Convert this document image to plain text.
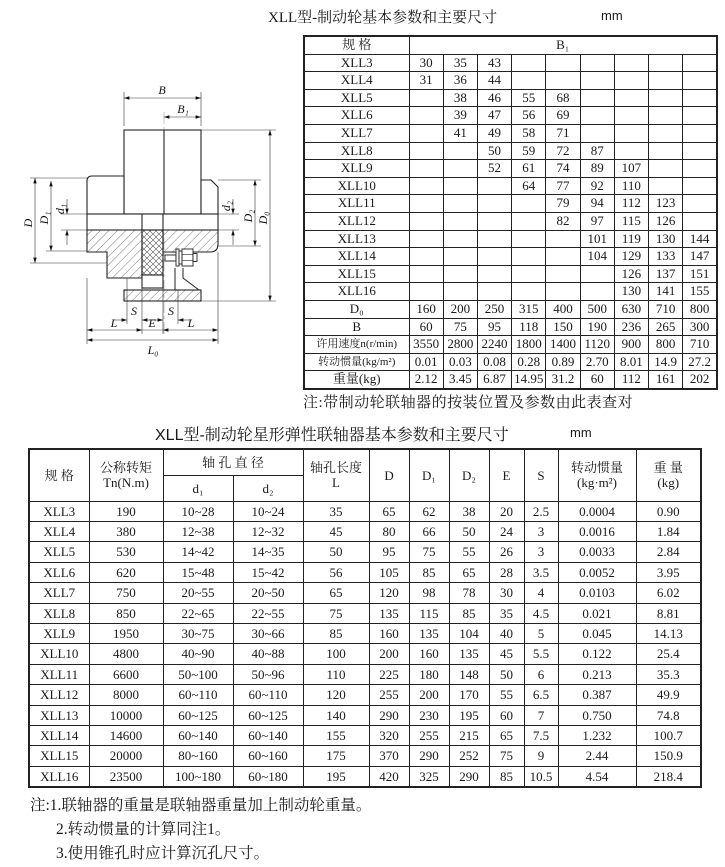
XLL型-制动轮基本参数和主要尺寸	mm
B
B₁
D D₁
d₁	d₂
D₂ D₀
S	S
L	E	L
L₀
规 格	B₁								
XLL3	30	35	43						
XLL4	31	36	44						
XLL5		38	46	55	68				
XLL6		39	47	56	69				
XLL7		41	49	58	71				
XLL8			50	59	72	87			
XLL9			52	61	74	89	107		
XLL10				64	77	92	110		
XLL11					79	94	112	123	
XLL12					82	97	115	126	
XLL13						101	119	130	144
XLL14						104	129	133	147
XLL15							126	137	151
XLL16							130	141	155
D₀	160	200	250	315	400	500	630	710	800
B	60	75	95	118	150	190	236	265	300
许用速度n(r/min)	3550	2800	2240	1800	1400	1120	900	800	710
转动惯量(kg/m²)	0.01	0.03	0.08	0.28	0.89	2.70	8.01	14.9	27.2
重量(kg)	2.12	3.45	6.87	14.95	31.2	60	112	161	202
注:带制动轮联轴器的按装位置及参数由此表查对
XLL型-制动轮星形弹性联轴器基本参数和主要尺寸	mm
规 格	公称转矩
Tn(N.m)	轴 孔 直 径		轴孔长度
L	D	D₁	D₂	E	S	转动惯量
(kg·m²)	重 量
(kg)
		d₁	d₂								
XLL3	190	10~28	10~24	35	65	62	38	20	2.5	0.0004	0.90
XLL4	380	12~38	12~32	45	80	66	50	24	3	0.0016	1.84
XLL5	530	14~42	14~35	50	95	75	55	26	3	0.0033	2.84
XLL6	620	15~48	15~42	56	105	85	65	28	3.5	0.0052	3.95
XLL7	750	20~55	20~50	65	120	98	78	30	4	0.0103	6.02
XLL8	850	22~65	22~55	75	135	115	85	35	4.5	0.021	8.81
XLL9	1950	30~75	30~66	85	160	135	104	40	5	0.045	14.13
XLL10	4800	40~90	40~88	100	200	160	135	45	5.5	0.122	25.4
XLL11	6600	50~100	50~96	110	225	180	148	50	6	0.213	35.3
XLL12	8000	60~110	60~110	120	255	200	170	55	6.5	0.387	49.9
XLL13	10000	60~125	60~125	140	290	230	195	60	7	0.750	74.8
XLL14	14600	60~140	60~140	155	320	255	215	65	7.5	1.232	100.7
XLL15	20000	80~160	60~160	175	370	290	252	75	9	2.44	150.9
XLL16	23500	100~180	60~180	195	420	325	290	85	10.5	4.54	218.4
注:1.联轴器的重量是联轴器重量加上制动轮重量。
2.转动惯量的计算同注1。
3.使用锥孔时应计算沉孔尺寸。
